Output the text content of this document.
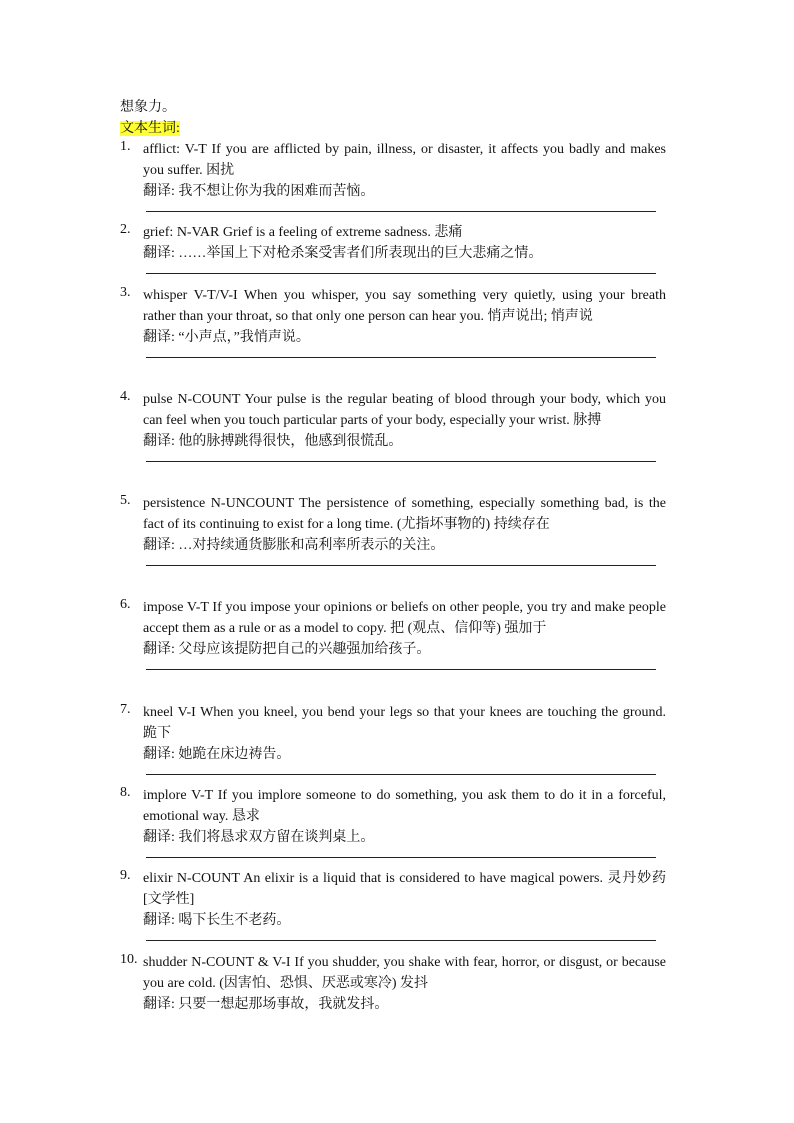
想象力。
文本生词:
1. afflict: V-T If you are afflicted by pain, illness, or disaster, it affects you badly and makes you suffer. 困扰
翻译: 我不想让你为我的困难而苦恼。
2. grief: N-VAR Grief is a feeling of extreme sadness. 悲痛
翻译: ……举国上下对枪杀案受害者们所表现出的巨大悲痛之情。
3. whisper V-T/V-I When you whisper, you say something very quietly, using your breath rather than your throat, so that only one person can hear you. 悄声说出; 悄声说
翻译: “小声点，”我悄声说。
4. pulse N-COUNT Your pulse is the regular beating of blood through your body, which you can feel when you touch particular parts of your body, especially your wrist. 脉搏
翻译: 他的脉搏跳得很快，他感到很慌乱。
5. persistence N-UNCOUNT The persistence of something, especially something bad, is the fact of its continuing to exist for a long time. (尤指坏事物的) 持续存在
翻译: …对持续通货膨胀和高利率所表示的关注。
6. impose V-T If you impose your opinions or beliefs on other people, you try and make people accept them as a rule or as a model to copy. 把 (观点、信仰等) 强加于
翻译: 父母应该提防把自己的兴趣强加给孩子。
7. kneel V-I When you kneel, you bend your legs so that your knees are touching the ground. 跪下
翻译: 她跪在床边祷告。
8. implore V-T If you implore someone to do something, you ask them to do it in a forceful, emotional way. 恳求
翻译: 我们将恳求双方留在谈判桌上。
9. elixir N-COUNT An elixir is a liquid that is considered to have magical powers. 灵丹妙药 [文学性]
翻译: 喝下长生不老药。
10. shudder N-COUNT & V-I If you shudder, you shake with fear, horror, or disgust, or because you are cold. (因害怕、恐惧、厌恶或寒冷) 发抖
翻译: 只要一想起那场事故，我就发抖。
